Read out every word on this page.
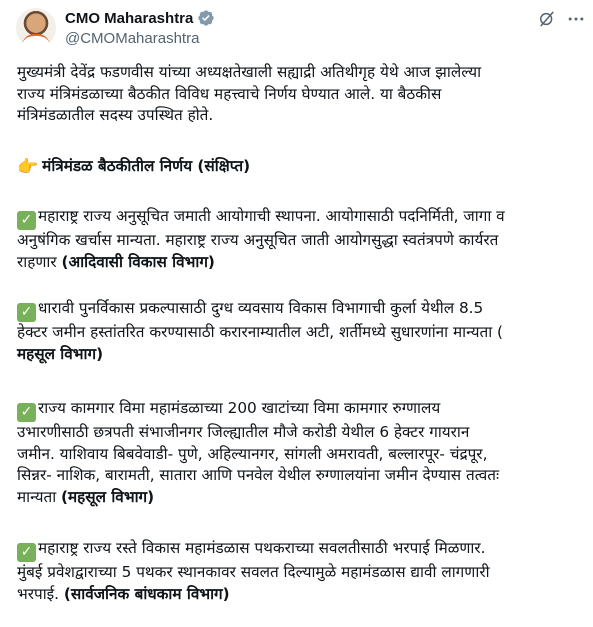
CMO Maharashtra
@CMOMaharashtra
मुख्यमंत्री देवेंद्र फडणवीस यांच्या अध्यक्षतेखाली सह्याद्री अतिथीगृह येथे आज झालेल्या
राज्य मंत्रिमंडळाच्या बैठकीत विविध महत्त्वाचे निर्णय घेण्यात आले. या बैठकीस
मंत्रिमंडळातील सदस्य उपस्थित होते.
👉 मंत्रिमंडळ बैठकीतील निर्णय (संक्षिप्त)
✓ महाराष्ट्र राज्य अनुसूचित जमाती आयोगाची स्थापना. आयोगासाठी पदनिर्मिती, जागा व
अनुषंगिक खर्चास मान्यता. महाराष्ट्र राज्य अनुसूचित जाती आयोगसुद्धा स्वतंत्रपणे कार्यरत
राहणार (आदिवासी विकास विभाग)
✓ धारावी पुनर्विकास प्रकल्पासाठी दुग्ध व्यवसाय विकास विभागाची कुर्ला येथील 8.5
हेक्टर जमीन हस्तांतरित करण्यासाठी करारनाम्यातील अटी, शर्तीमध्ये सुधारणांना मान्यता (
महसूल विभाग)
✓ राज्य कामगार विमा महामंडळाच्या 200 खाटांच्या विमा कामगार रुग्णालय
उभारणीसाठी छत्रपती संभाजीनगर जिल्ह्यातील मौजे करोडी येथील 6 हेक्टर गायरान
जमीन. याशिवाय बिबवेवाडी- पुणे, अहिल्यानगर, सांगली अमरावती, बल्लारपूर- चंद्रपूर,
सिन्नर- नाशिक, बारामती, सातारा आणि पनवेल येथील रुग्णालयांना जमीन देण्यास तत्वतः
मान्यता (महसूल विभाग)
✓ महाराष्ट्र राज्य रस्ते विकास महामंडळास पथकराच्या सवलतीसाठी भरपाई मिळणार.
मुंबई प्रवेशद्वाराच्या 5 पथकर स्थानकावर सवलत दिल्यामुळे महामंडळास द्यावी लागणारी
भरपाई. (सार्वजनिक बांधकाम विभाग)
